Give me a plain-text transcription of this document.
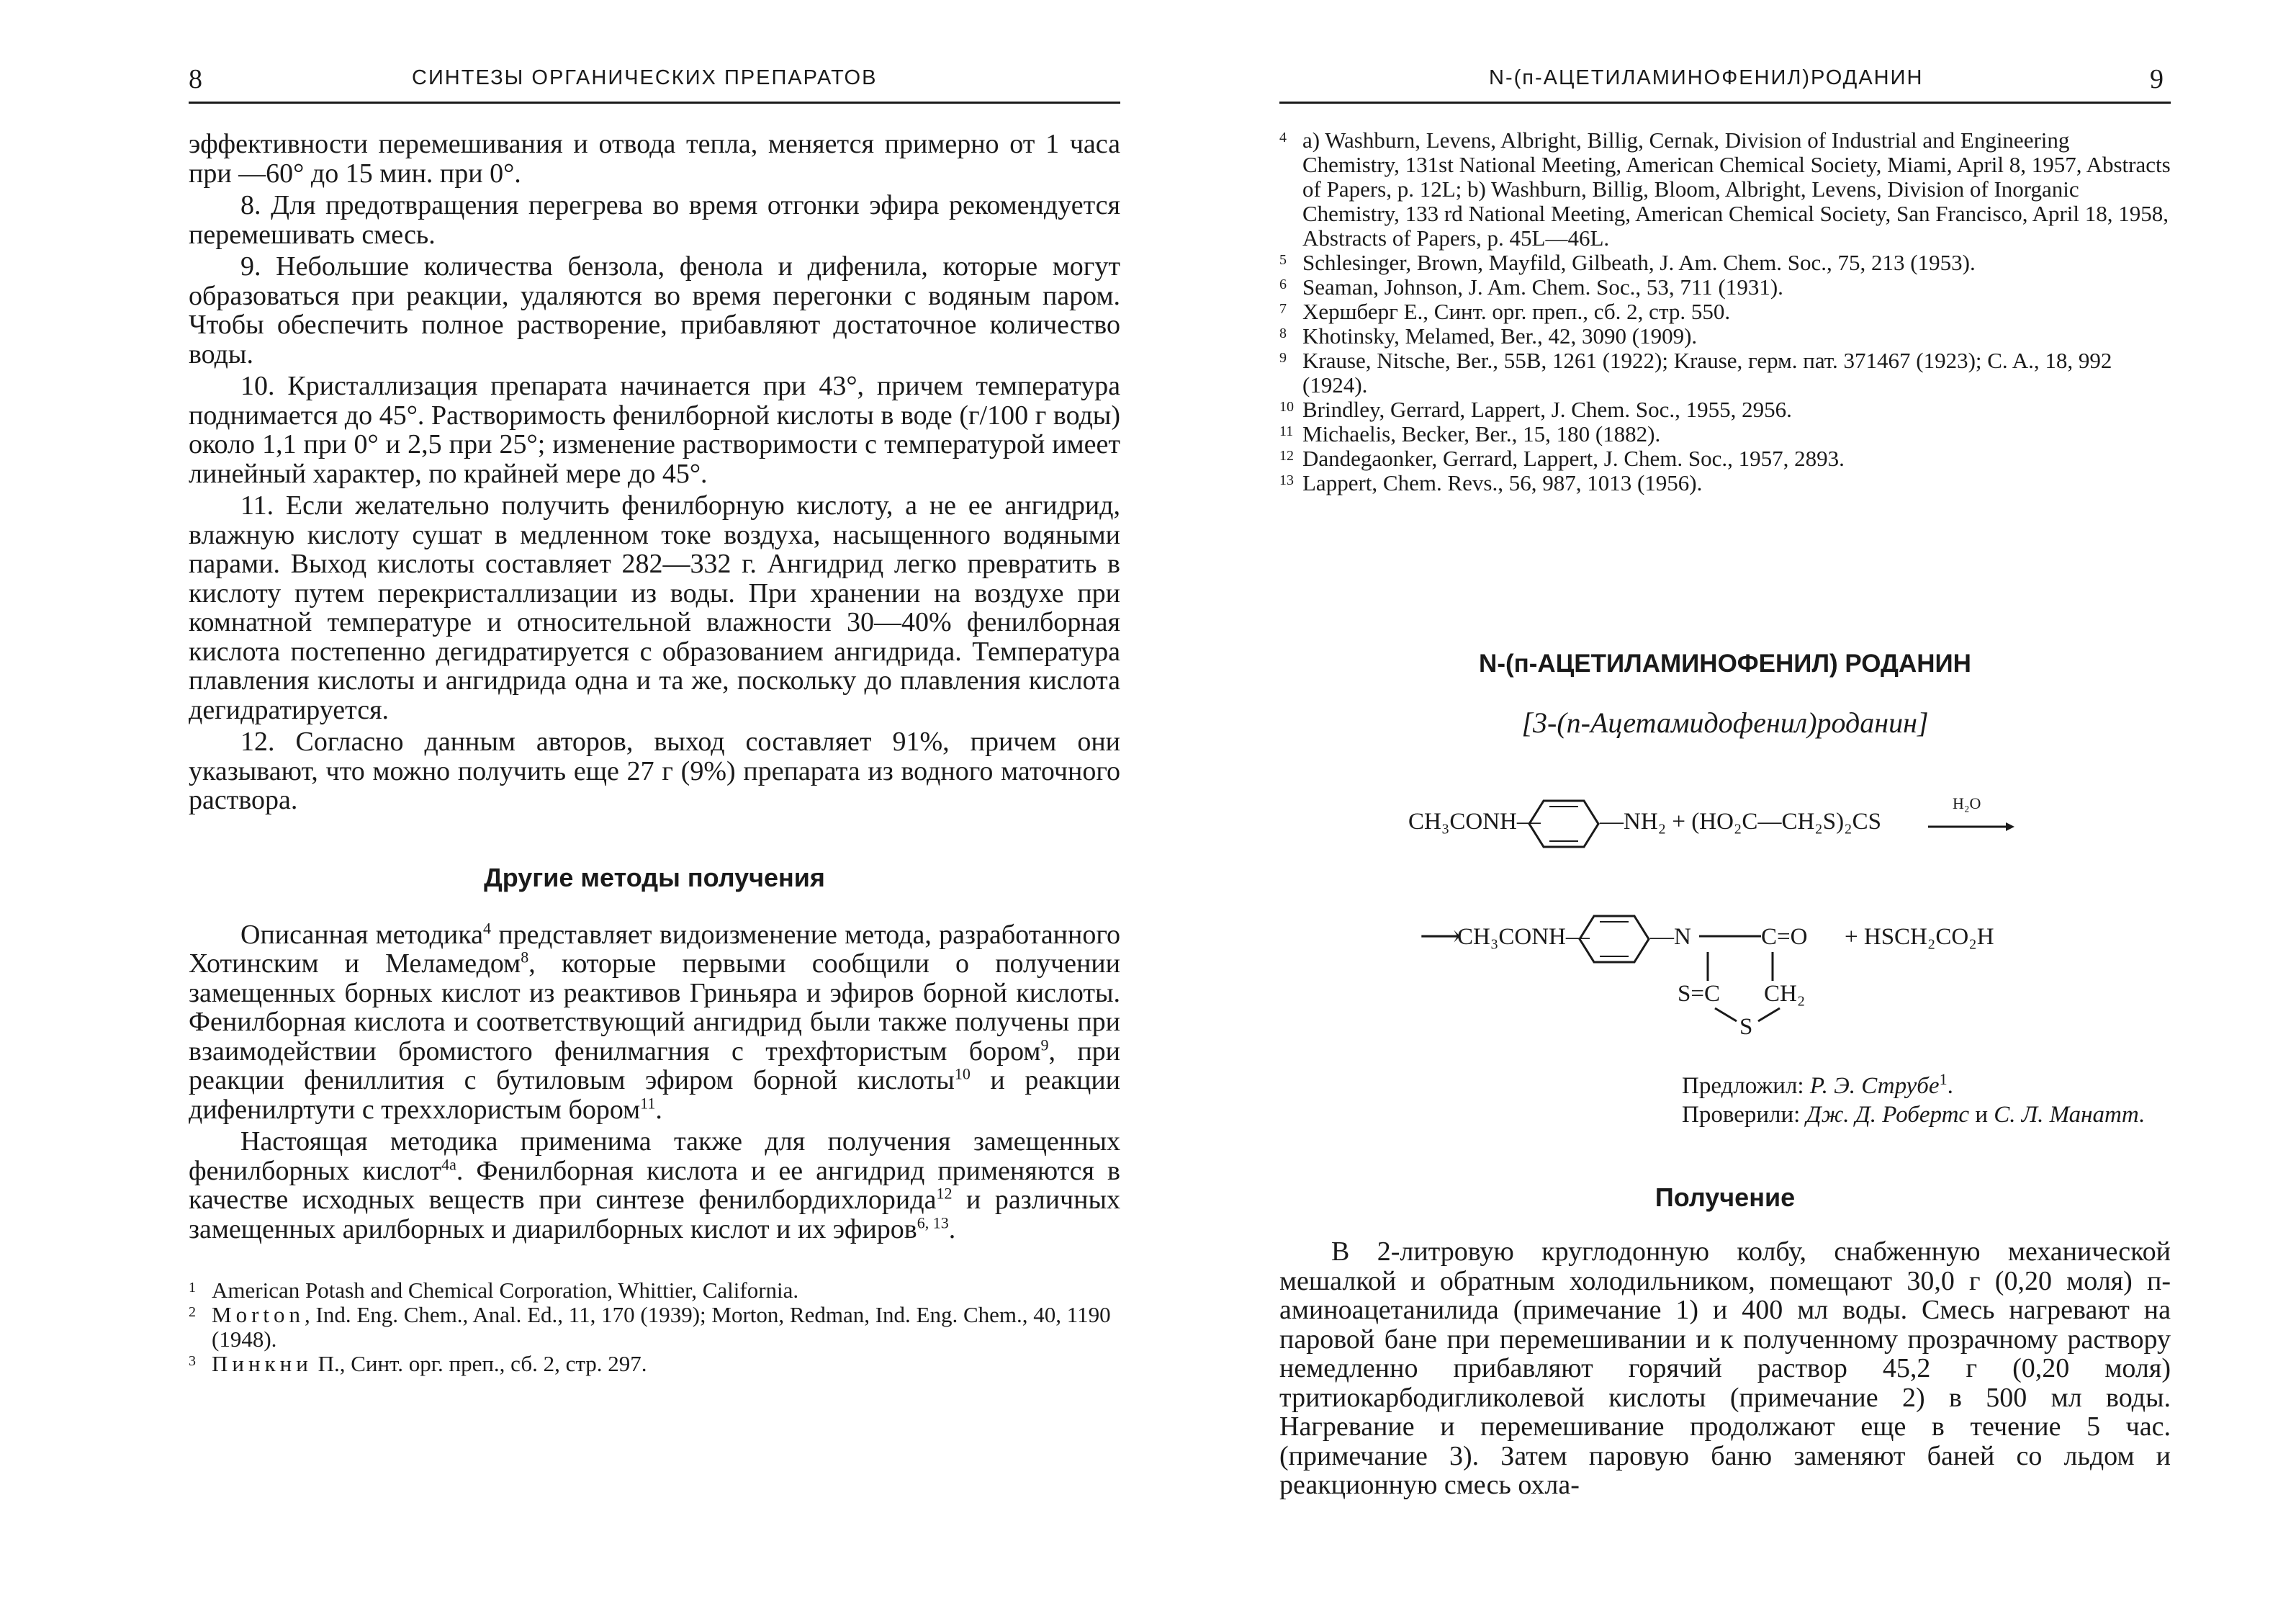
8	СИНТЕЗЫ ОРГАНИЧЕСКИХ ПРЕПАРАТОВ

эффективности перемешивания и отвода тепла, меняется примерно от 1 часа при —60° до 15 мин. при 0°.

8. Для предотвращения перегрева во время отгонки эфира рекомендуется перемешивать смесь.

9. Небольшие количества бензола, фенола и дифенила, которые могут образоваться при реакции, удаляются во время перегонки с водяным паром. Чтобы обеспечить полное растворение, прибавляют достаточное количество воды.

10. Кристаллизация препарата начинается при 43°, причем температура поднимается до 45°. Растворимость фенилборной кислоты в воде (г/100 г воды) около 1,1 при 0° и 2,5 при 25°; изменение растворимости с температурой имеет линейный характер, по крайней мере до 45°.

11. Если желательно получить фенилборную кислоту, а не ее ангидрид, влажную кислоту сушат в медленном токе воздуха, насыщенного водяными парами. Выход кислоты составляет 282—332 г. Ангидрид легко превратить в кислоту путем перекристаллизации из воды. При хранении на воздухе при комнатной температуре и относительной влажности 30—40% фенилборная кислота постепенно дегидратируется с образованием ангидрида. Температура плавления кислоты и ангидрида одна и та же, поскольку до плавления кислота дегидратируется.

12. Согласно данным авторов, выход составляет 91%, причем они указывают, что можно получить еще 27 г (9%) препарата из водного маточного раствора.

Другие методы получения

Описанная методика$^4$ представляет видоизменение метода, разработанного Хотинским и Меламедом$^8$, которые первыми сообщили о получении замещенных борных кислот из реактивов Гриньяра и эфиров борной кислоты. Фенилборная кислота и соответствующий ангидрид были также получены при взаимодействии бромистого фенилмагния с трехфтористым бором$^9$, при реакции фениллития с бутиловым эфиром борной кислоты$^{10}$ и реакции дифенилртути с треххлористым бором$^{11}$.

Настоящая методика применима также для получения замещенных фенилборных кислот$^{4a}$. Фенилборная кислота и ее ангидрид применяются в качестве исходных веществ при синтезе фенилбордихлорида$^{12}$ и различных замещенных арилборных и диарилборных кислот и их эфиров$^{6, 13}$.

1 American Potash and Chemical Corporation, Whittier, California.
2 Morton, Ind. Eng. Chem., Anal. Ed., 11, 170 (1939); Morton, Redman, Ind. Eng. Chem., 40, 1190 (1948).
3 Пинкни П., Синт. орг. преп., сб. 2, стр. 297.
N-(п-АЦЕТИЛАМИНОФЕНИЛ)РОДАНИН	9
4 a) Washburn, Levens, Albright, Billig, Cernak, Division of Industrial and Engineering Chemistry, 131st National Meeting, American Chemical Society, Miami, April 8, 1957, Abstracts of Papers, p. 12L; b) Washburn, Billig, Bloom, Albright, Levens, Division of Inorganic Chemistry, 133 rd National Meeting, American Chemical Society, San Francisco, April 18, 1958, Abstracts of Papers, p. 45L—46L.
5 Schlesinger, Brown, Mayfild, Gilbeath, J. Am. Chem. Soc., 75, 213 (1953).
6 Seaman, Johnson, J. Am. Chem. Soc., 53, 711 (1931).
7 Хершберг Е., Синт. орг. преп., сб. 2, стр. 550.
8 Khotinsky, Melamed, Ber., 42, 3090 (1909).
9 Krause, Nitsche, Ber., 55B, 1261 (1922); Krause, герм. пат. 371467 (1923); C. A., 18, 992 (1924).
10 Brindley, Gerrard, Lappert, J. Chem. Soc., 1955, 2956.
11 Michaelis, Becker, Ber., 15, 180 (1882).
12 Dandegaonker, Gerrard, Lappert, J. Chem. Soc., 1957, 2893.
13 Lappert, Chem. Revs., 56, 987, 1013 (1956).
N-(п-АЦЕТИЛАМИНОФЕНИЛ) РОДАНИН
[3-(п-Ацетамидофенил)роданин]
CH₃CONH— —NH₂ + (HO₂C—CH₂S)₂CS
H₂O
⟶
CH₃CONH—	—N	C=O + HSCH₂CO₂H
S=C CH₂
S
Предложил: Р. Э. Струбе$^1$.
Проверили: Дж. Д. Робертс и С. Л. Манатт.
Получение

В 2-литровую круглодонную колбу, снабженную механической мешалкой и обратным холодильником, помещают 30,0 г (0,20 моля) п-аминоацетанилида (примечание 1) и 400 мл воды. Смесь нагревают на паровой бане при перемешивании и к полученному прозрачному раствору немедленно прибавляют горячий раствор 45,2 г (0,20 моля) тритиокарбодигликолевой кислоты (примечание 2) в 500 мл воды. Нагревание и перемешивание продолжают еще в течение 5 час. (примечание 3). Затем паровую баню заменяют баней со льдом и реакционную смесь охла-
